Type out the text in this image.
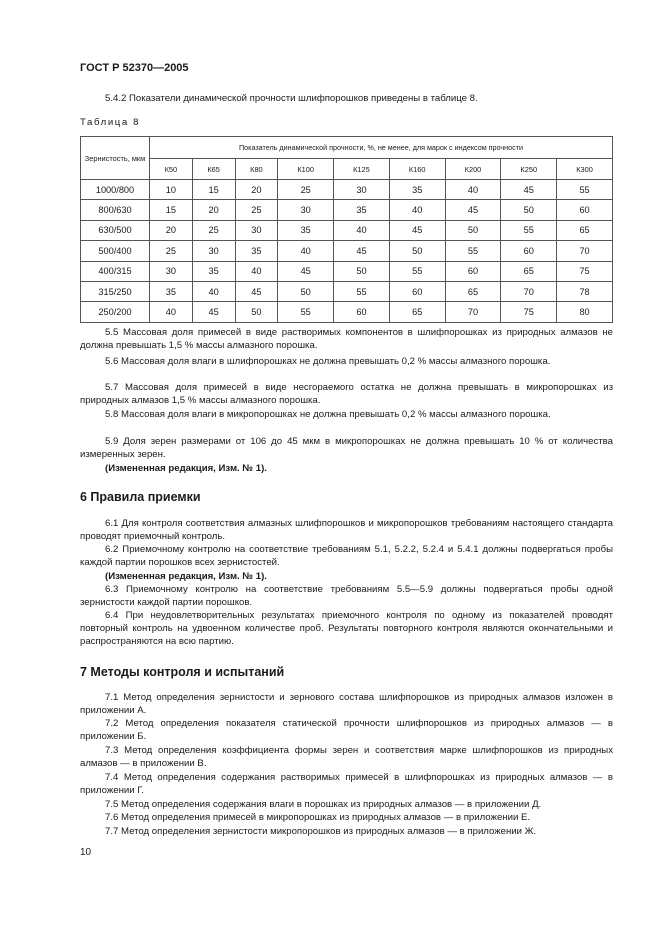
ГОСТ Р 52370—2005
5.4.2 Показатели динамической прочности шлифпорошков приведены в таблице 8.
Таблица 8
Зернистость, мкм	Показатель динамической прочности, %, не менее, для марок с индексом прочности								
	К50	К65	К80	К100	К125	К160	К200	К250	К300
1000/800	10	15	20	25	30	35	40	45	55
800/630	15	20	25	30	35	40	45	50	60
630/500	20	25	30	35	40	45	50	55	65
500/400	25	30	35	40	45	50	55	60	70
400/315	30	35	40	45	50	55	60	65	75
315/250	35	40	45	50	55	60	65	70	78
250/200	40	45	50	55	60	65	70	75	80
5.5 Массовая доля примесей в виде растворимых компонентов в шлифпорошках из природных алмазов не должна превышать 1,5 % массы алмазного порошка.
5.6 Массовая доля влаги в шлифпорошках не должна превышать 0,2 % массы алмазного порошка.
5.7 Массовая доля примесей в виде несгораемого остатка не должна превышать в микропорошках из природных алмазов 1,5 % массы алмазного порошка.
5.8 Массовая доля влаги в микропорошках не должна превышать 0,2 % массы алмазного порошка.
5.9 Доля зерен размерами от 106 до 45 мкм в микропорошках не должна превышать 10 % от количества измеренных зерен.
(Измененная редакция, Изм. № 1).
6 Правила приемки
6.1 Для контроля соответствия алмазных шлифпорошков и микропорошков требованиям настоящего стандарта проводят приемочный контроль.
6.2 Приемочному контролю на соответствие требованиям 5.1, 5.2.2, 5.2.4 и 5.4.1 должны подвергаться пробы каждой партии порошков всех зернистостей.
(Измененная редакция, Изм. № 1).
6.3 Приемочному контролю на соответствие требованиям 5.5—5.9 должны подвергаться пробы одной зернистости каждой партии порошков.
6.4 При неудовлетворительных результатах приемочного контроля по одному из показателей проводят повторный контроль на удвоенном количестве проб. Результаты повторного контроля являются окончательными и распространяются на всю партию.
7 Методы контроля и испытаний
7.1 Метод определения зернистости и зернового состава шлифпорошков из природных алмазов изложен в приложении А.
7.2 Метод определения показателя статической прочности шлифпорошков из природных алмазов — в приложении Б.
7.3 Метод определения коэффициента формы зерен и соответствия марке шлифпорошков из природных алмазов — в приложении В.
7.4 Метод определения содержания растворимых примесей в шлифпорошках из природных алмазов — в приложении Г.
7.5 Метод определения содержания влаги в порошках из природных алмазов — в приложении Д.
7.6 Метод определения примесей в микропорошках из природных алмазов — в приложении Е.
7.7 Метод определения зернистости микропорошков из природных алмазов — в приложении Ж.
10
